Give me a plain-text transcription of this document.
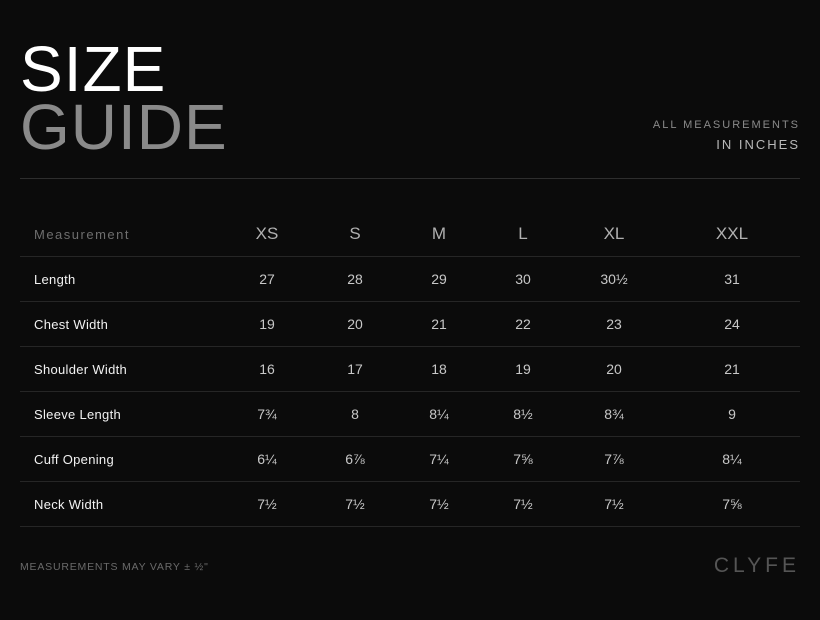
SIZE
GUIDE	ALL MEASUREMENTS
IN INCHES
Measurement	XS	S	M	L	XL	XXL
Length	27	28	29	30	30½	31
Chest Width	19	20	21	22	23	24
Shoulder Width	16	17	18	19	20	21
Sleeve Length	7¾	8	8¼	8½	8¾	9
Cuff Opening	6¼	6⅞	7¼	7⅝	7⅞	8¼
Neck Width	7½	7½	7½	7½	7½	7⅝
MEASUREMENTS MAY VARY ± ½"	CLYFE
